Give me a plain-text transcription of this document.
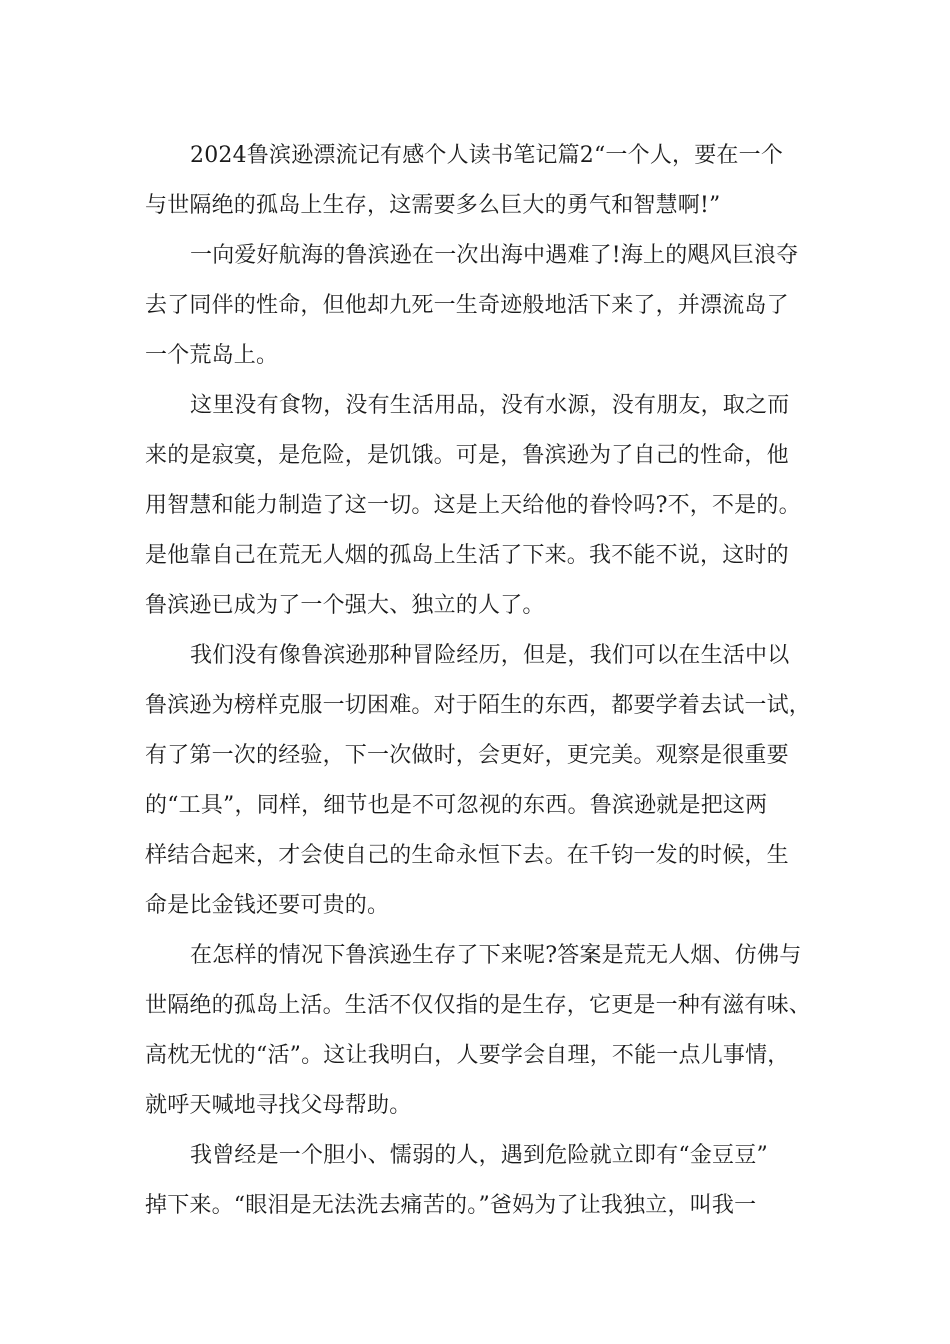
2024鲁滨逊漂流记有感个人读书笔记篇2“一个人，要在一个
与世隔绝的孤岛上生存，这需要多么巨大的勇气和智慧啊!”
一向爱好航海的鲁滨逊在一次出海中遇难了!海上的飓风巨浪夺
去了同伴的性命，但他却九死一生奇迹般地活下来了，并漂流岛了
一个荒岛上。
这里没有食物，没有生活用品，没有水源，没有朋友，取之而
来的是寂寞，是危险，是饥饿。可是，鲁滨逊为了自己的性命，他
用智慧和能力制造了这一切。这是上天给他的眷怜吗?不，不是的。
是他靠自己在荒无人烟的孤岛上生活了下来。我不能不说，这时的
鲁滨逊已成为了一个强大、独立的人了。
我们没有像鲁滨逊那种冒险经历，但是，我们可以在生活中以
鲁滨逊为榜样克服一切困难。对于陌生的东西，都要学着去试一试，
有了第一次的经验，下一次做时，会更好，更完美。观察是很重要
的“工具”，同样，细节也是不可忽视的东西。鲁滨逊就是把这两
样结合起来，才会使自己的生命永恒下去。在千钧一发的时候，生
命是比金钱还要可贵的。
在怎样的情况下鲁滨逊生存了下来呢?答案是荒无人烟、仿佛与
世隔绝的孤岛上活。生活不仅仅指的是生存，它更是一种有滋有味、
高枕无忧的“活”。这让我明白，人要学会自理，不能一点儿事情，
就呼天喊地寻找父母帮助。
我曾经是一个胆小、懦弱的人，遇到危险就立即有“金豆豆”
掉下来。“眼泪是无法洗去痛苦的。”爸妈为了让我独立，叫我一
